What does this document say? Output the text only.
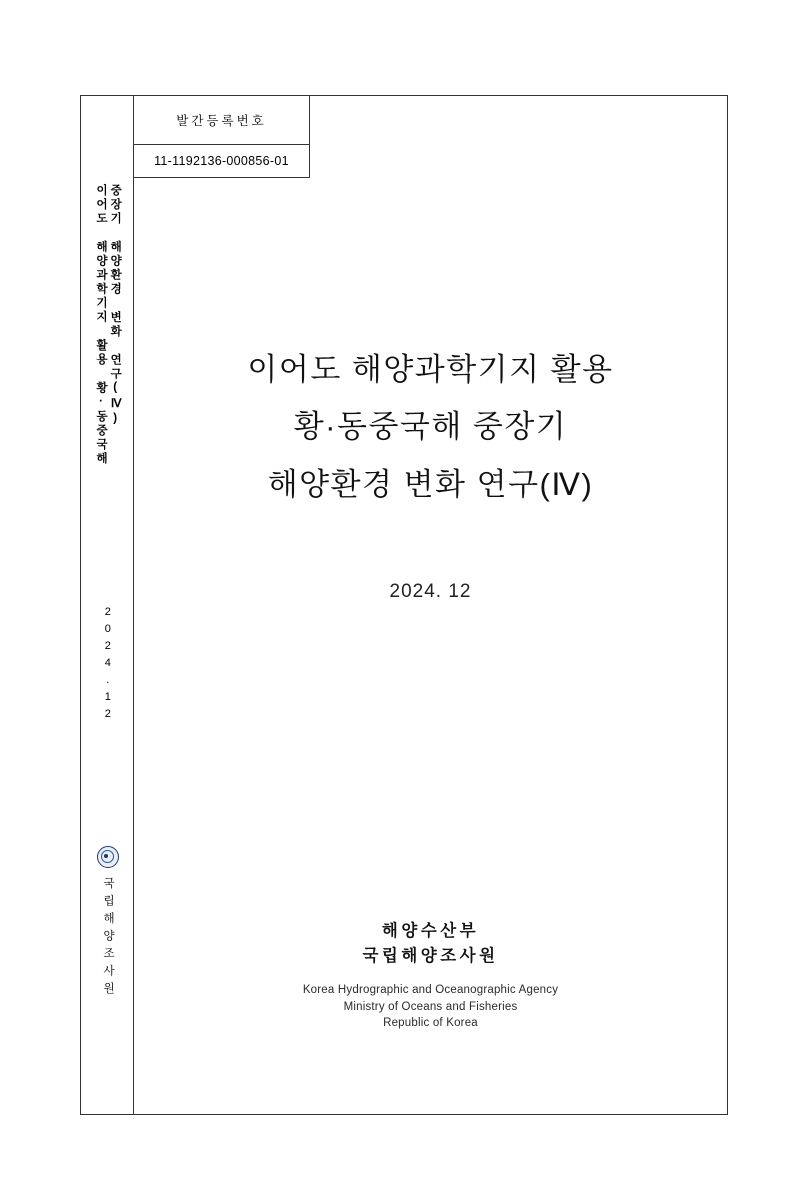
중장기 해양환경 변화 연구(Ⅳ)
이어도 해양과학기지 활용 황·동중국해
2024.12
국립해양조사원
발간등록번호
11-1192136-000856-01
이어도 해양과학기지 활용
황·동중국해 중장기
해양환경 변화 연구(Ⅳ)
2024. 12
해양수산부
국립해양조사원
Korea Hydrographic and Oceanographic Agency
Ministry of Oceans and Fisheries
Republic of Korea
